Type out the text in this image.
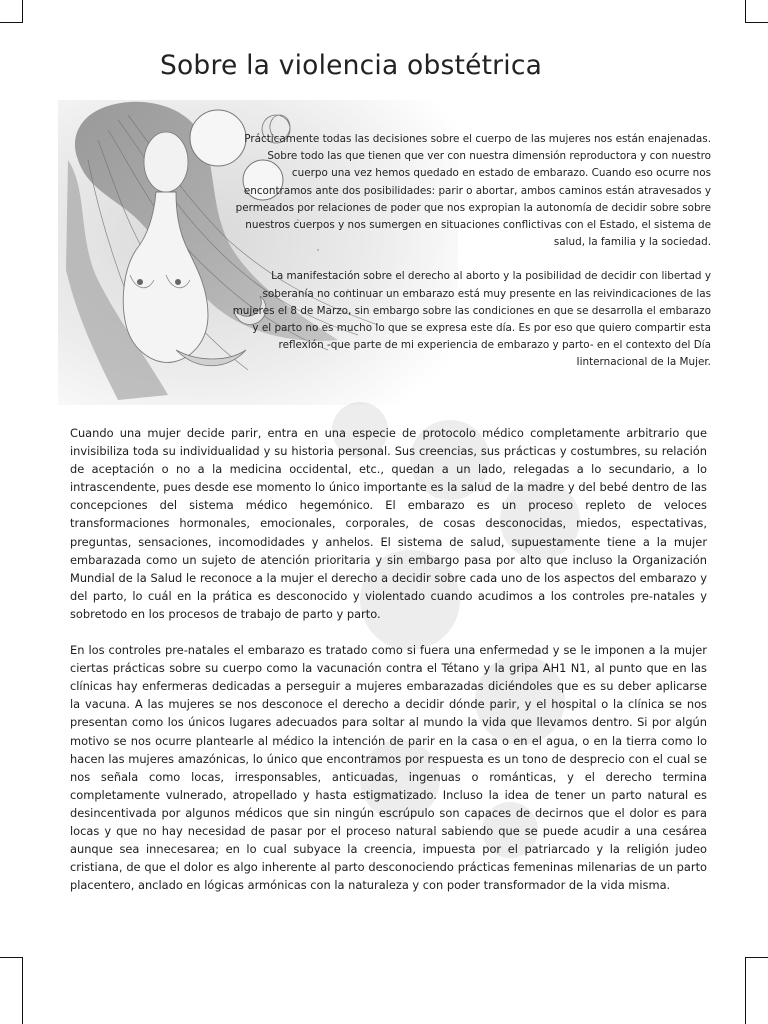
Sobre la violencia obstétrica

Prácticamente todas las decisiones sobre el cuerpo de las mujeres nos están enajenadas. Sobre todo las que tienen que ver con nuestra dimensión reproductora y con nuestro cuerpo una vez hemos quedado en estado de embarazo. Cuando eso ocurre nos encontramos ante dos posibilidades: parir o abortar, ambos caminos están atravesados y permeados por relaciones de poder que nos expropian la autonomía de decidir sobre sobre nuestros cuerpos y nos sumergen en situaciones conflictivas con el Estado, el sistema de salud, la familia y la sociedad.

La manifestación sobre el derecho al aborto y la posibilidad de decidir con libertad y soberanía no continuar un embarazo está muy presente en las reivindicaciones de las mujeres el 8 de Marzo, sin embargo sobre las condiciones en que se desarrolla el embarazo y el parto no es mucho lo que se expresa este día. Es por eso que quiero compartir esta reflexión -que parte de mi experiencia de embarazo y parto- en el contexto del Día Iinternacional de la Mujer.

Cuando una mujer decide parir, entra en una especie de protocolo médico completamente arbitrario que invisibiliza toda su individualidad y su historia personal. Sus creencias, sus prácticas y costumbres, su relación de aceptación o no a la medicina occidental, etc., quedan a un lado, relegadas a lo secundario, a lo intrascendente, pues desde ese momento lo único importante es la salud de la madre y del bebé dentro de las concepciones del sistema médico hegemónico. El embarazo es un proceso repleto de veloces transformaciones hormonales, emocionales, corporales, de cosas desconocidas, miedos, espectativas, preguntas, sensaciones, incomodidades y anhelos. El sistema de salud, supuestamente tiene a la mujer embarazada como un sujeto de atención prioritaria y sin embargo pasa por alto que incluso la Organización Mundial de la Salud le reconoce a la mujer el derecho a decidir sobre cada uno de los aspectos del embarazo y del parto, lo cuál en la prática es desconocido y violentado cuando acudimos a los controles pre-natales y sobretodo en los procesos de trabajo de parto y parto.

En los controles pre-natales el embarazo es tratado como si fuera una enfermedad y se le imponen a la mujer ciertas prácticas sobre su cuerpo como la vacunación contra el Tétano y la gripa AH1 N1, al punto que en las clínicas hay enfermeras dedicadas a perseguir a mujeres embarazadas diciéndoles que es su deber aplicarse la vacuna. A las mujeres se nos desconoce el derecho a decidir dónde parir, y el hospital o la clínica se nos presentan como los únicos lugares adecuados para soltar al mundo la vida que llevamos dentro. Si por algún motivo se nos ocurre plantearle al médico la intención de parir en la casa o en el agua, o en la tierra como lo hacen las mujeres amazónicas, lo único que encontramos por respuesta es un tono de desprecio con el cual se nos señala como locas, irresponsables, anticuadas, ingenuas o románticas, y el derecho termina completamente vulnerado, atropellado y hasta estigmatizado. Incluso la idea de tener un parto natural es desincentivada por algunos médicos que sin ningún escrúpulo son capaces de decirnos que el dolor es para locas y que no hay necesidad de pasar por el proceso natural sabiendo que se puede acudir a una cesárea aunque sea innecesarea; en lo cual subyace la creencia, impuesta por el patriarcado y la religión judeo cristiana, de que el dolor es algo inherente al parto desconociendo prácticas femeninas milenarias de un parto placentero, anclado en lógicas armónicas con la naturaleza y con poder transformador de la vida misma.
